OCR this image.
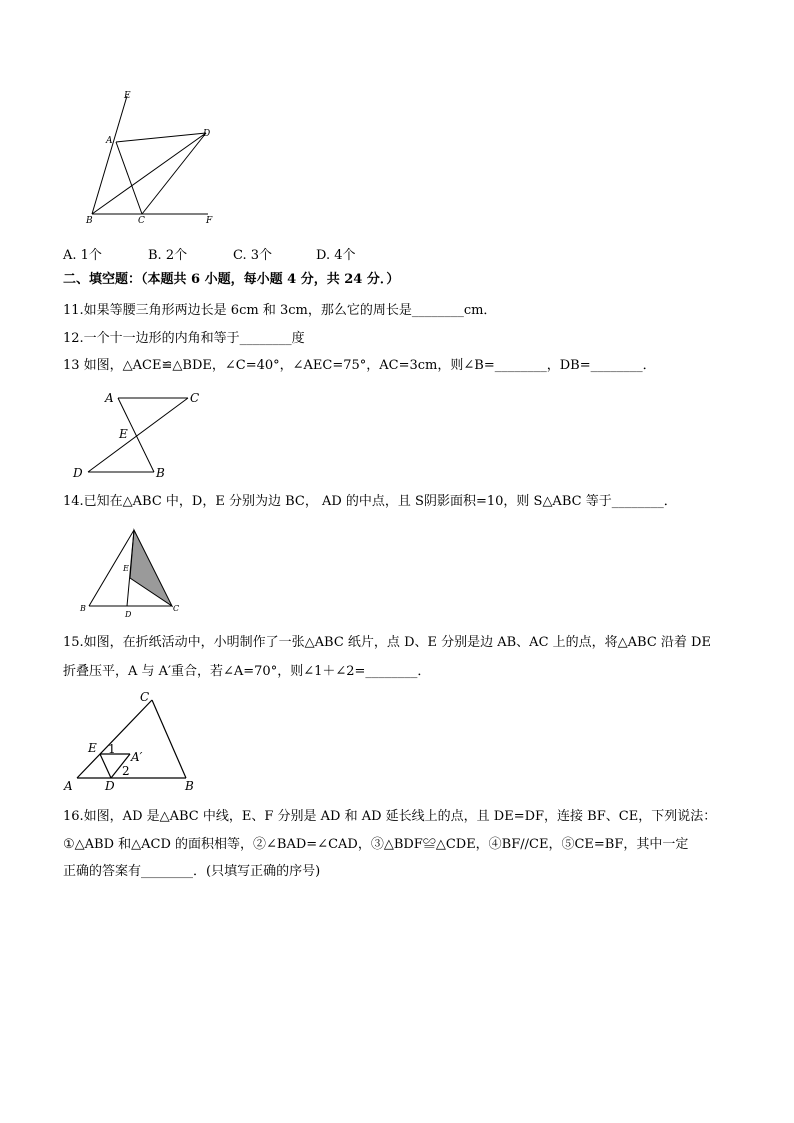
E
A
D
B	C	F
A. 1个	B. 2个	C. 3个	D. 4个
二、填空题：（本题共 6 小题，每小题 4 分，共 24 分．）
11.如果等腰三角形两边长是 6cm 和 3cm，那么它的周长是________cm．
12.一个十一边形的内角和等于________度
13 如图，△ACE≌△BDE，∠C=40°，∠AEC=75°，AC=3cm，则∠B=________，DB=________．
A	C
E
D	B
14.已知在△ABC 中，D，E 分别为边 BC， AD 的中点，且 S阴影面积=10，则 S△ABC 等于________．
E
B
D
C
15.如图，在折纸活动中，小明制作了一张△ABC 纸片，点 D、E 分别是边 AB、AC 上的点，将△ABC 沿着 DE
折叠压平，A 与 A′重合，若∠A=70°，则∠1＋∠2=________．
C
E 1
A′
2
A	D	B
16.如图，AD 是△ABC 中线，E、F 分别是 AD 和 AD 延长线上的点，且 DE=DF，连接 BF、CE，下列说法：
①△ABD 和△ACD 的面积相等，②∠BAD=∠CAD，③△BDF≌△CDE，④BF//CE，⑤CE=BF，其中一定
正确的答案有________．(只填写正确的序号)
